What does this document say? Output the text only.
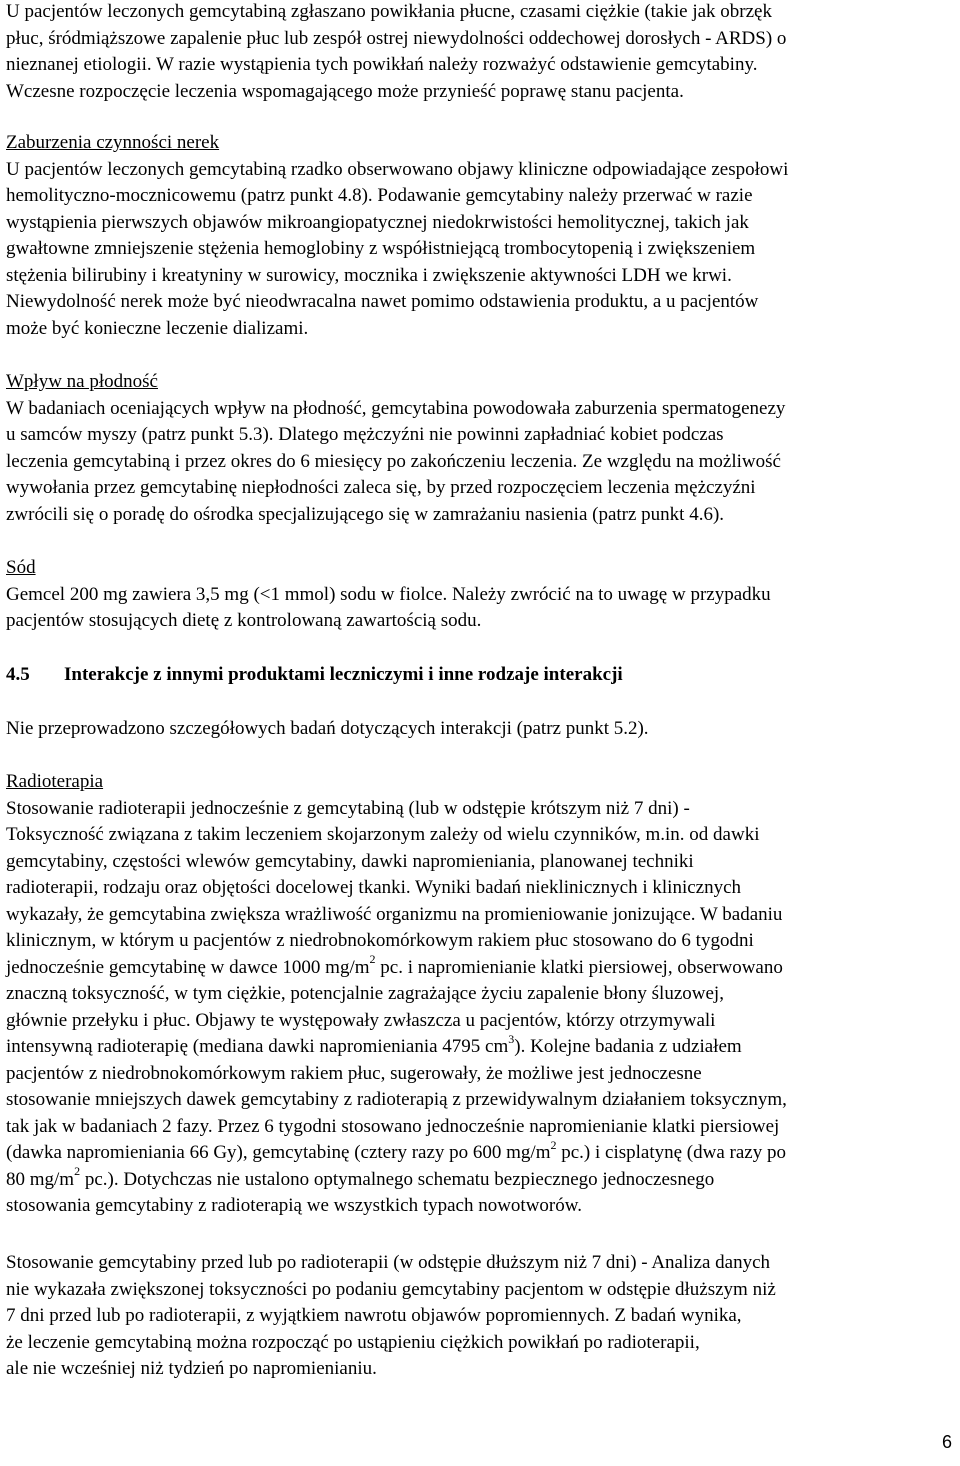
U pacjentów leczonych gemcytabiną zgłaszano powikłania płucne, czasami ciężkie (takie jak obrzęk
płuc, śródmiąższowe zapalenie płuc lub zespół ostrej niewydolności oddechowej dorosłych - ARDS) o
nieznanej etiologii. W razie wystąpienia tych powikłań należy rozważyć odstawienie gemcytabiny.
Wczesne rozpoczęcie leczenia wspomagającego może przynieść poprawę stanu pacjenta.

Zaburzenia czynności nerek
U pacjentów leczonych gemcytabiną rzadko obserwowano objawy kliniczne odpowiadające zespołowi
hemolityczno-mocznicowemu (patrz punkt 4.8). Podawanie gemcytabiny należy przerwać w razie
wystąpienia pierwszych objawów mikroangiopatycznej niedokrwistości hemolitycznej, takich jak
gwałtowne zmniejszenie stężenia hemoglobiny z współistniejącą trombocytopenią i zwiększeniem
stężenia bilirubiny i kreatyniny w surowicy, mocznika i zwiększenie aktywności LDH we krwi.
Niewydolność nerek może być nieodwracalna nawet pomimo odstawienia produktu, a u pacjentów
może być konieczne leczenie dializami.

Wpływ na płodność
W badaniach oceniających wpływ na płodność, gemcytabina powodowała zaburzenia spermatogenezy
u samców myszy (patrz punkt 5.3). Dlatego mężczyźni nie powinni zapładniać kobiet podczas
leczenia gemcytabiną i przez okres do 6 miesięcy po zakończeniu leczenia. Ze względu na możliwość
wywołania przez gemcytabinę niepłodności zaleca się, by przed rozpoczęciem leczenia mężczyźni
zwrócili się o poradę do ośrodka specjalizującego się w zamrażaniu nasienia (patrz punkt 4.6).

Sód
Gemcel 200 mg zawiera 3,5 mg (<1 mmol) sodu w fiolce. Należy zwrócić na to uwagę w przypadku
pacjentów stosujących dietę z kontrolowaną zawartością sodu.

4.5 Interakcje z innymi produktami leczniczymi i inne rodzaje interakcji

Nie przeprowadzono szczegółowych badań dotyczących interakcji (patrz punkt 5.2).

Radioterapia
Stosowanie radioterapii jednocześnie z gemcytabiną (lub w odstępie krótszym niż 7 dni) -
Toksyczność związana z takim leczeniem skojarzonym zależy od wielu czynników, m.in. od dawki
gemcytabiny, częstości wlewów gemcytabiny, dawki napromieniania, planowanej techniki
radioterapii, rodzaju oraz objętości docelowej tkanki. Wyniki badań nieklinicznych i klinicznych
wykazały, że gemcytabina zwiększa wrażliwość organizmu na promieniowanie jonizujące. W badaniu
klinicznym, w którym u pacjentów z niedrobnokomórkowym rakiem płuc stosowano do 6 tygodni
jednocześnie gemcytabinę w dawce 1000 $mg/m^2$ pc. i napromienianie klatki piersiowej, obserwowano
znaczną toksyczność, w tym ciężkie, potencjalnie zagrażające życiu zapalenie błony śluzowej,
głównie przełyku i płuc. Objawy te występowały zwłaszcza u pacjentów, którzy otrzymywali
intensywną radioterapię (mediana dawki napromieniania 4795 $cm^3$). Kolejne badania z udziałem
pacjentów z niedrobnokomórkowym rakiem płuc, sugerowały, że możliwe jest jednoczesne
stosowanie mniejszych dawek gemcytabiny z radioterapią z przewidywalnym działaniem toksycznym,
tak jak w badaniach 2 fazy. Przez 6 tygodni stosowano jednocześnie napromienianie klatki piersiowej
(dawka napromieniania 66 Gy), gemcytabinę (cztery razy po 600 $mg/m^2$ pc.) i cisplatynę (dwa razy po
80 $mg/m^2$ pc.). Dotychczas nie ustalono optymalnego schematu bezpiecznego jednoczesnego
stosowania gemcytabiny z radioterapią we wszystkich typach nowotworów.

Stosowanie gemcytabiny przed lub po radioterapii (w odstępie dłuższym niż 7 dni) - Analiza danych
nie wykazała zwiększonej toksyczności po podaniu gemcytabiny pacjentom w odstępie dłuższym niż
7 dni przed lub po radioterapii, z wyjątkiem nawrotu objawów popromiennych. Z badań wynika,
że leczenie gemcytabiną można rozpocząć po ustąpieniu ciężkich powikłań po radioterapii,
ale nie wcześniej niż tydzień po napromienianiu.

6
